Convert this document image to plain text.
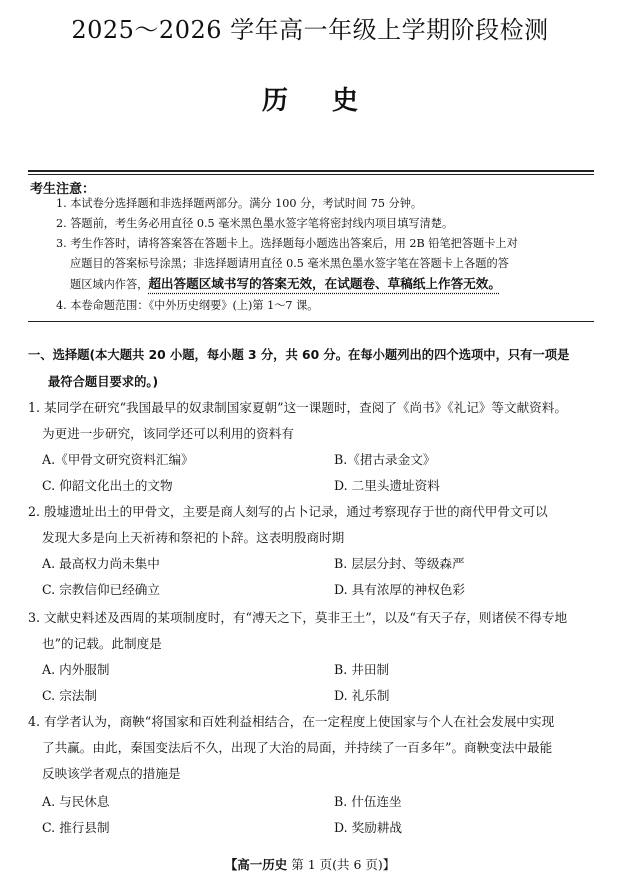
2025～2026 学年高一年级上学期阶段检测
历史
考生注意：
1. 本试卷分选择题和非选择题两部分。满分 100 分，考试时间 75 分钟。
2. 答题前，考生务必用直径 0.5 毫米黑色墨水签字笔将密封线内项目填写清楚。
3. 考生作答时，请将答案答在答题卡上。选择题每小题选出答案后，用 2B 铅笔把答题卡上对
应题目的答案标号涂黑；非选择题请用直径 0.5 毫米黑色墨水签字笔在答题卡上各题的答
题区域内作答，超出答题区域书写的答案无效，在试题卷、草稿纸上作答无效。
4. 本卷命题范围：《中外历史纲要》(上)第 1～7 课。
一、选择题(本大题共 20 小题，每小题 3 分，共 60 分。在每小题列出的四个选项中，只有一项是
最符合题目要求的。)
1. 某同学在研究“我国最早的奴隶制国家夏朝”这一课题时，查阅了《尚书》《礼记》等文献资料。
为更进一步研究，该同学还可以利用的资料有
A.《甲骨文研究资料汇编》	B.《捃古录金文》
C. 仰韶文化出土的文物	D. 二里头遗址资料
2. 殷墟遗址出土的甲骨文，主要是商人刻写的占卜记录，通过考察现存于世的商代甲骨文可以
发现大多是向上天祈祷和祭祀的卜辞。这表明殷商时期
A. 最高权力尚未集中	B. 层层分封、等级森严
C. 宗教信仰已经确立	D. 具有浓厚的神权色彩
3. 文献史料述及西周的某项制度时，有“溥天之下，莫非王土”，以及“有天子存，则诸侯不得专地
也”的记载。此制度是
A. 内外服制	B. 井田制
C. 宗法制	D. 礼乐制
4. 有学者认为，商鞅“将国家和百姓利益相结合，在一定程度上使国家与个人在社会发展中实现
了共赢。由此，秦国变法后不久，出现了大治的局面，并持续了一百多年”。商鞅变法中最能
反映该学者观点的措施是
A. 与民休息	B. 什伍连坐
C. 推行县制	D. 奖励耕战
【高一历史 第 1 页(共 6 页)】
